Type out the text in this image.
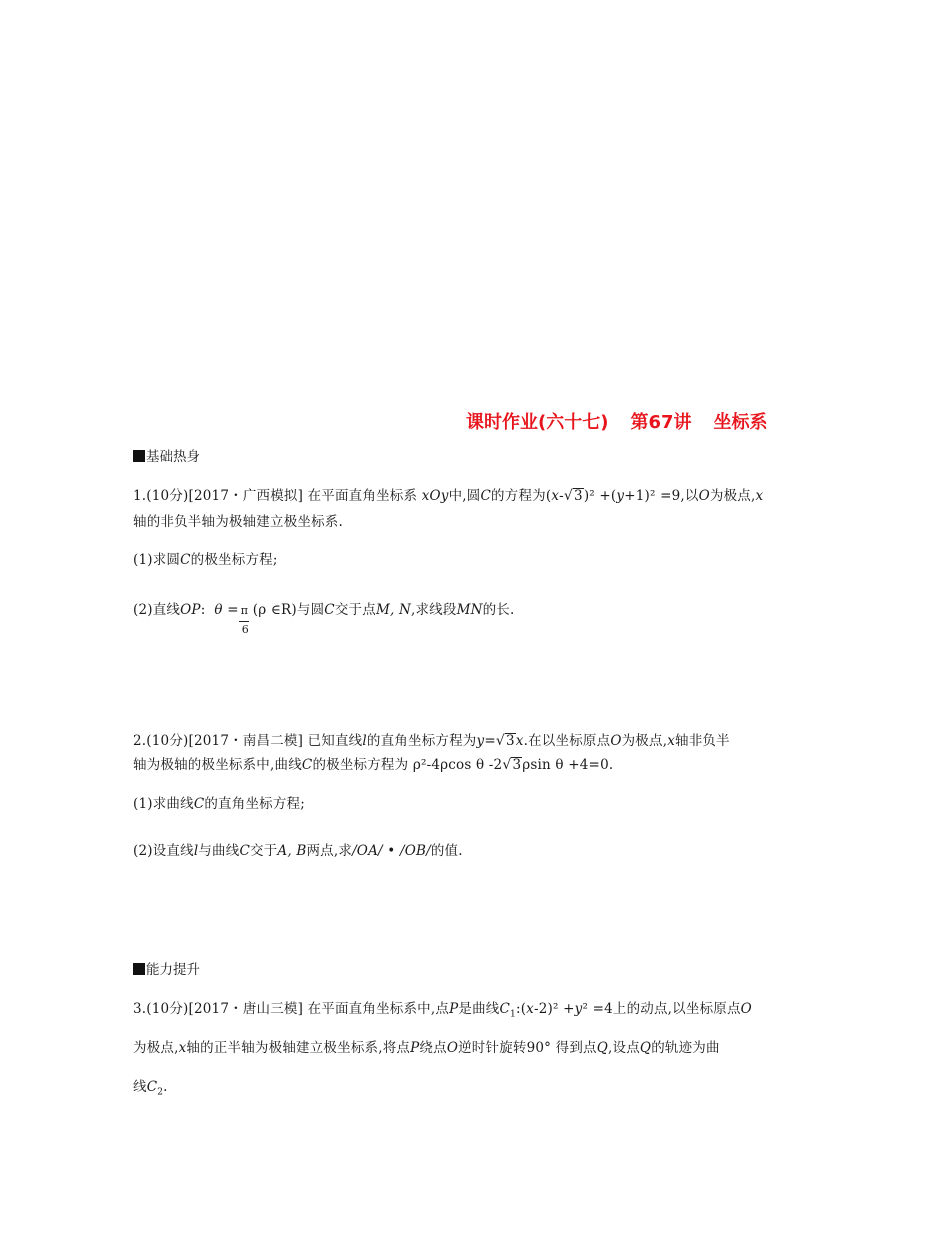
课时作业(六十七) 第67讲 坐标系
基础热身
1.(10分)[2017・广西模拟] 在平面直角坐标系 xOy中,圆C的方程为(x-√3)² +(y+1)² =9,以O为极点,x
轴的非负半轴为极轴建立极坐标系.
(1)求圆C的极坐标方程;
(2)直线OP: θ =
$\frac{\pi}{6}$
(ρ ∈R)与圆C交于点M, N,求线段MN的长.
2.(10分)[2017・南昌二模] 已知直线l的直角坐标方程为y=√3x.在以坐标原点O为极点,x轴非负半
轴为极轴的极坐标系中,曲线C的极坐标方程为 ρ²-4ρcos θ -2√3ρsin θ +4=0.
(1)求曲线C的直角坐标方程;
(2)设直线l与曲线C交于A, B两点,求/OA/ • /OB/的值.
能力提升
3.(10分)[2017・唐山三模] 在平面直角坐标系中,点P是曲线$C_1:(x-2)^2 +y^2 =4$上的动点,以坐标原点O
为极点,x轴的正半轴为极轴建立极坐标系,将点P绕点O逆时针旋转90° 得到点Q,设点Q的轨迹为曲
线$C_2$.
